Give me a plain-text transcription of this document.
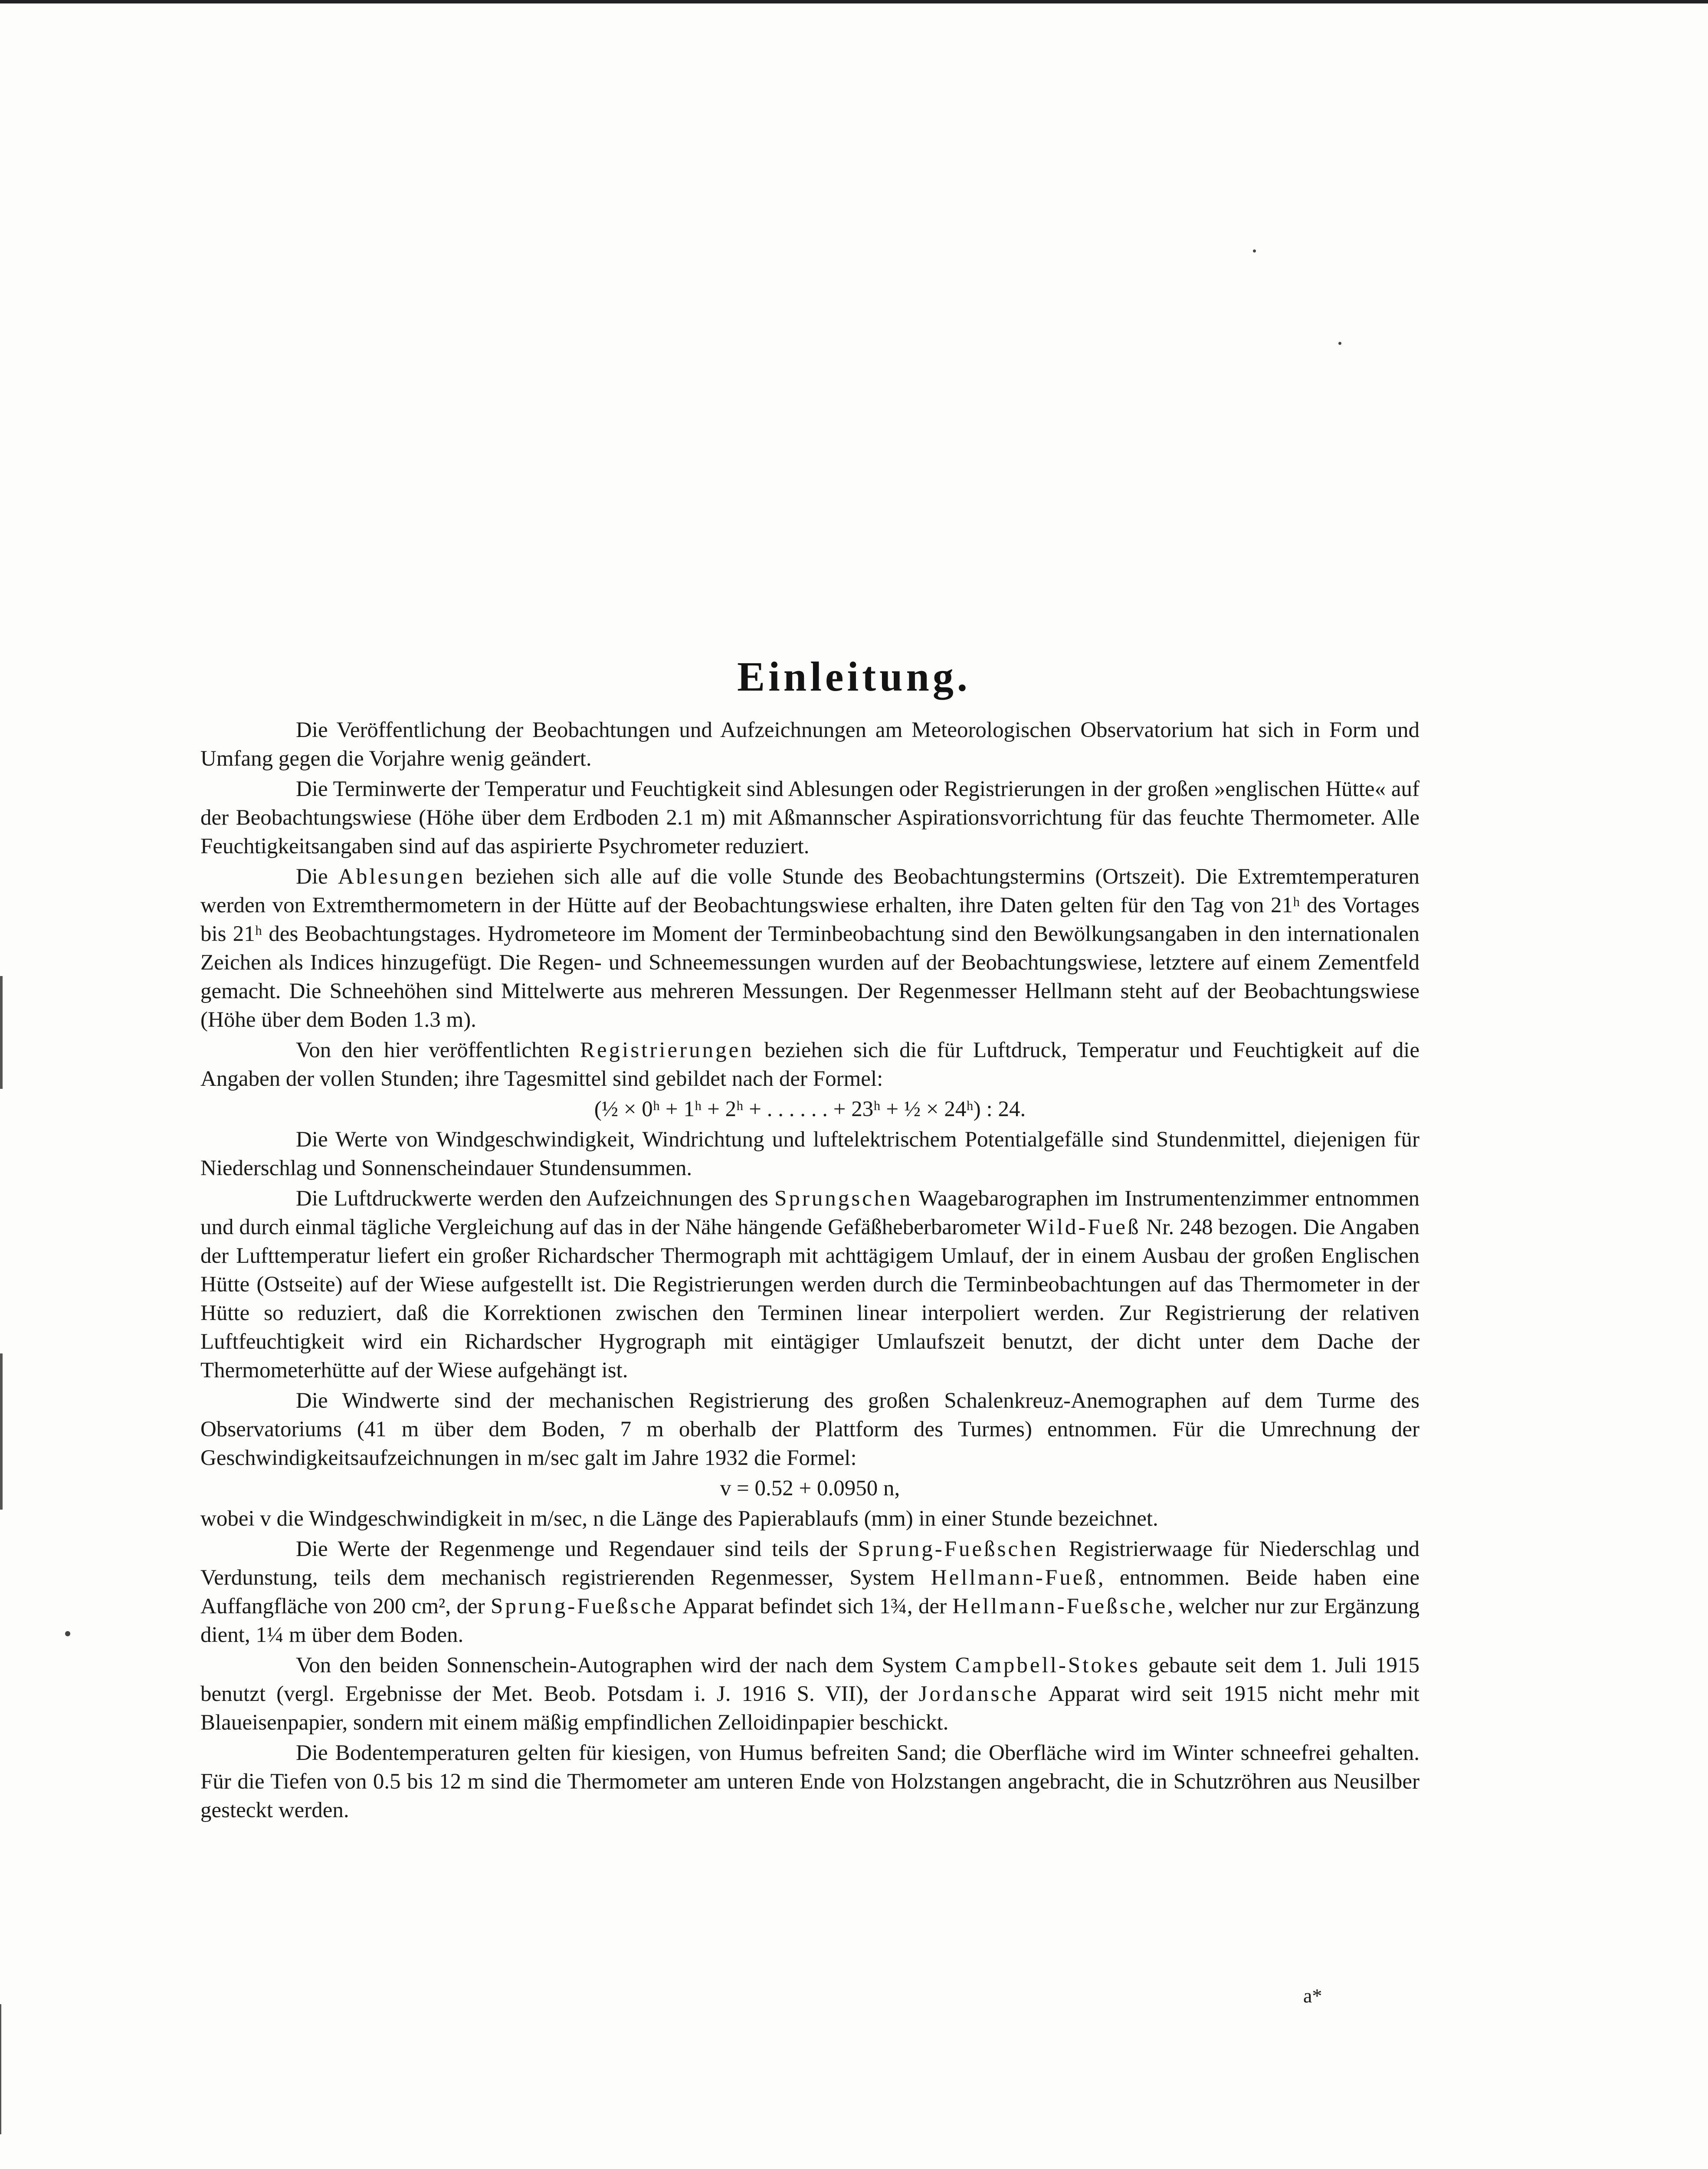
Einleitung.

Die Veröffentlichung der Beobachtungen und Aufzeichnungen am Meteorologischen Observatorium hat sich in Form und Umfang gegen die Vorjahre wenig geändert.

Die Terminwerte der Temperatur und Feuchtigkeit sind Ablesungen oder Registrierungen in der großen »englischen Hütte« auf der Beobachtungswiese (Höhe über dem Erdboden 2.1 m) mit Aßmannscher Aspirationsvorrichtung für das feuchte Thermometer. Alle Feuchtigkeitsangaben sind auf das aspirierte Psychrometer reduziert.

Die Ablesungen beziehen sich alle auf die volle Stunde des Beobachtungstermins (Ortszeit). Die Extremtemperaturen werden von Extremthermometern in der Hütte auf der Beobachtungswiese erhalten, ihre Daten gelten für den Tag von 21ʰ des Vortages bis 21ʰ des Beobachtungstages. Hydrometeore im Moment der Terminbeobachtung sind den Bewölkungsangaben in den internationalen Zeichen als Indices hinzugefügt. Die Regen- und Schneemessungen wurden auf der Beobachtungswiese, letztere auf einem Zementfeld gemacht. Die Schneehöhen sind Mittelwerte aus mehreren Messungen. Der Regenmesser Hellmann steht auf der Beobachtungswiese (Höhe über dem Boden 1.3 m).

Von den hier veröffentlichten Registrierungen beziehen sich die für Luftdruck, Temperatur und Feuchtigkeit auf die Angaben der vollen Stunden; ihre Tagesmittel sind gebildet nach der Formel:

(½ × 0ʰ + 1ʰ + 2ʰ + . . . . . . + 23ʰ + ½ × 24ʰ) : 24.

Die Werte von Windgeschwindigkeit, Windrichtung und luftelektrischem Potentialgefälle sind Stundenmittel, diejenigen für Niederschlag und Sonnenscheindauer Stundensummen.

Die Luftdruckwerte werden den Aufzeichnungen des Sprungschen Waagebarographen im Instrumentenzimmer entnommen und durch einmal tägliche Vergleichung auf das in der Nähe hängende Gefäßheberbarometer Wild-Fueß Nr. 248 bezogen. Die Angaben der Lufttemperatur liefert ein großer Richardscher Thermograph mit achttägigem Umlauf, der in einem Ausbau der großen Englischen Hütte (Ostseite) auf der Wiese aufgestellt ist. Die Registrierungen werden durch die Terminbeobachtungen auf das Thermometer in der Hütte so reduziert, daß die Korrektionen zwischen den Terminen linear interpoliert werden. Zur Registrierung der relativen Luftfeuchtigkeit wird ein Richardscher Hygrograph mit eintägiger Umlaufszeit benutzt, der dicht unter dem Dache der Thermometerhütte auf der Wiese aufgehängt ist.

Die Windwerte sind der mechanischen Registrierung des großen Schalenkreuz-Anemographen auf dem Turme des Observatoriums (41 m über dem Boden, 7 m oberhalb der Plattform des Turmes) entnommen. Für die Umrechnung der Geschwindigkeitsaufzeichnungen in m/sec galt im Jahre 1932 die Formel:

v = 0.52 + 0.0950 n,

wobei v die Windgeschwindigkeit in m/sec, n die Länge des Papierablaufs (mm) in einer Stunde bezeichnet.

Die Werte der Regenmenge und Regendauer sind teils der Sprung-Fueßschen Registrierwaage für Niederschlag und Verdunstung, teils dem mechanisch registrierenden Regenmesser, System Hellmann-Fueß, entnommen. Beide haben eine Auffangfläche von 200 cm², der Sprung-Fueßsche Apparat befindet sich 1¾, der Hellmann-Fueßsche, welcher nur zur Ergänzung dient, 1¼ m über dem Boden.

Von den beiden Sonnenschein-Autographen wird der nach dem System Campbell-Stokes gebaute seit dem 1. Juli 1915 benutzt (vergl. Ergebnisse der Met. Beob. Potsdam i. J. 1916 S. VII), der Jordansche Apparat wird seit 1915 nicht mehr mit Blaueisenpapier, sondern mit einem mäßig empfindlichen Zelloidinpapier beschickt.

Die Bodentemperaturen gelten für kiesigen, von Humus befreiten Sand; die Oberfläche wird im Winter schneefrei gehalten. Für die Tiefen von 0.5 bis 12 m sind die Thermometer am unteren Ende von Holzstangen angebracht, die in Schutzröhren aus Neusilber gesteckt werden.

a*
